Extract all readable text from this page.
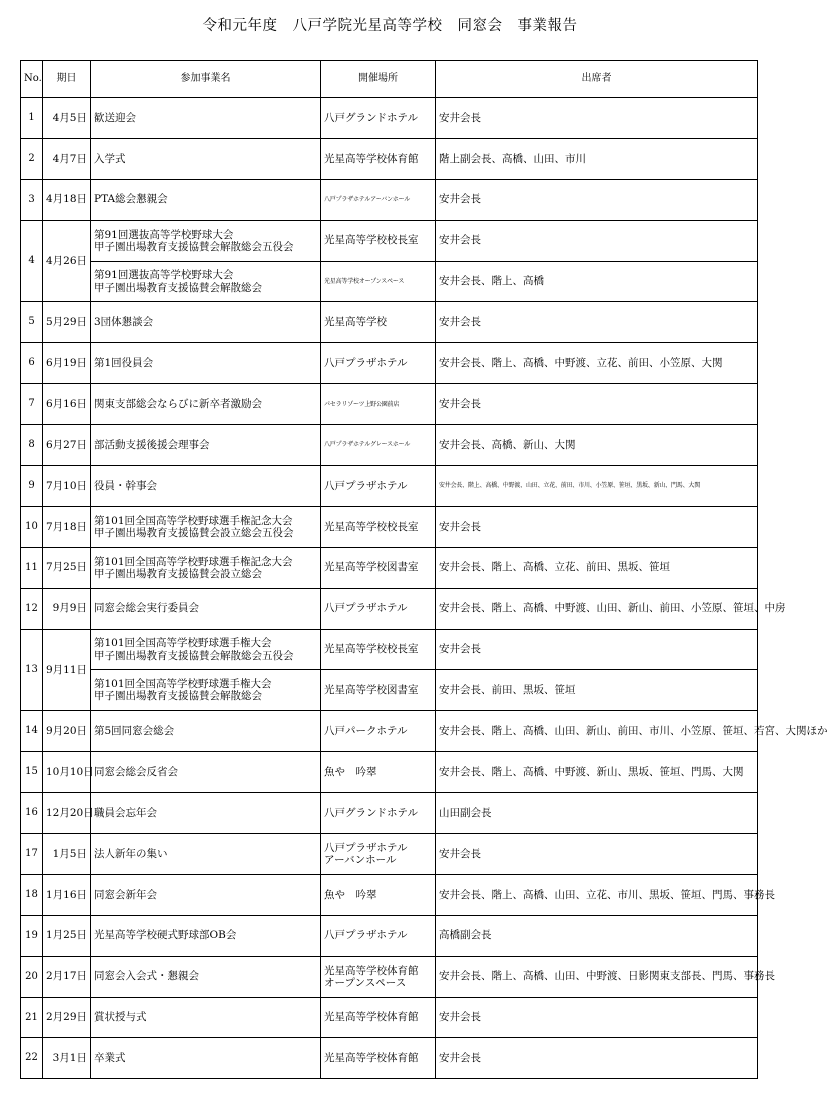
令和元年度　八戸学院光星高等学校　同窓会　事業報告
No.	期日	参加事業名	開催場所	出席者
1	4月5日	歓送迎会	八戸グランドホテル	安井会長
2	4月7日	入学式	光星高等学校体育館	階上副会長、高橋、山田、市川
3	4月18日	PTA総会懇親会	八戸プラザホテルアーバンホール	安井会長
4	4月26日	第91回選抜高等学校野球大会
甲子園出場教育支援協賛会解散総会五役会	光星高等学校校長室	安井会長
		第91回選抜高等学校野球大会
甲子園出場教育支援協賛会解散総会	光星高等学校オープンスペース	安井会長、階上、高橋
5	5月29日	3団体懇談会	光星高等学校	安井会長
6	6月19日	第1回役員会	八戸プラザホテル	安井会長、階上、高橋、中野渡、立花、前田、小笠原、大関
7	6月16日	関東支部総会ならびに新卒者激励会	パセラリゾーツ上野公園前店	安井会長
8	6月27日	部活動支援後援会理事会	八戸プラザホテルグレースホール	安井会長、高橋、新山、大関
9	7月10日	役員・幹事会	八戸プラザホテル	安井会長、階上、高橋、中野渡、山田、立花、前田、市川、小笠原、笹垣、黒坂、新山、門馬、大関
10	7月18日	第101回全国高等学校野球選手権記念大会
甲子園出場教育支援協賛会設立総会五役会	光星高等学校校長室	安井会長
11	7月25日	第101回全国高等学校野球選手権記念大会
甲子園出場教育支援協賛会設立総会	光星高等学校図書室	安井会長、階上、高橋、立花、前田、黒坂、笹垣
12	9月9日	同窓会総会実行委員会	八戸プラザホテル	安井会長、階上、高橋、中野渡、山田、新山、前田、小笠原、笹垣、中房
13	9月11日	第101回全国高等学校野球選手権大会
甲子園出場教育支援協賛会解散総会五役会	光星高等学校校長室	安井会長
		第101回全国高等学校野球選手権大会
甲子園出場教育支援協賛会解散総会	光星高等学校図書室	安井会長、前田、黒坂、笹垣
14	9月20日	第5回同窓会総会	八戸パークホテル	安井会長、階上、高橋、山田、新山、前田、市川、小笠原、笹垣、若宮、大関ほか
15	10月10日	同窓会総会反省会	魚や　吟翠	安井会長、階上、高橋、中野渡、新山、黒坂、笹垣、門馬、大関
16	12月20日	職員会忘年会	八戸グランドホテル	山田副会長
17	1月5日	法人新年の集い	八戸プラザホテル
アーバンホール	安井会長
18	1月16日	同窓会新年会	魚や　吟翠	安井会長、階上、高橋、山田、立花、市川、黒坂、笹垣、門馬、事務長
19	1月25日	光星高等学校硬式野球部OB会	八戸プラザホテル	高橋副会長
20	2月17日	同窓会入会式・懇親会	光星高等学校体育館
オープンスペース	安井会長、階上、高橋、山田、中野渡、日影関東支部長、門馬、事務長
21	2月29日	賞状授与式	光星高等学校体育館	安井会長
22	3月1日	卒業式	光星高等学校体育館	安井会長
